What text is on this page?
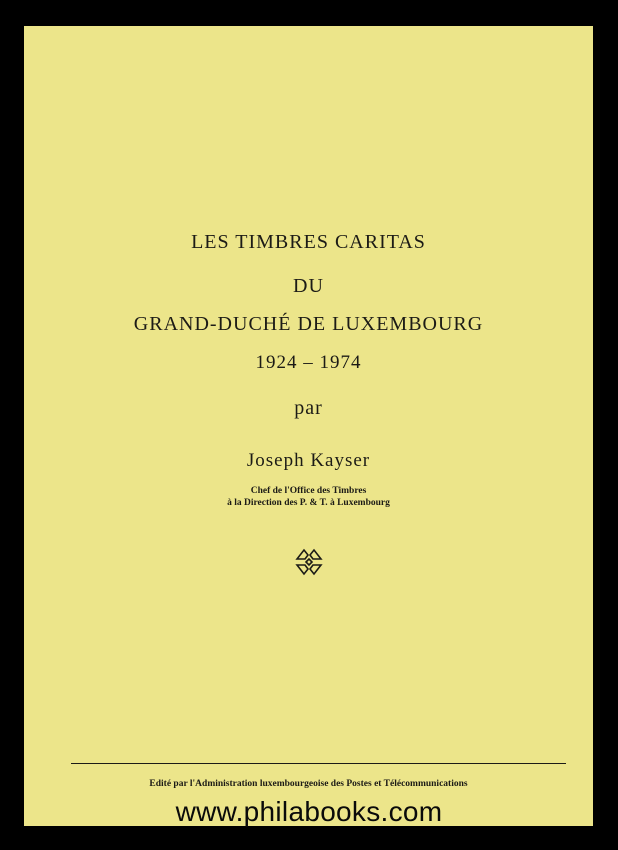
LES TIMBRES CARITAS
DU
GRAND-DUCHÉ DE LUXEMBOURG
1924 – 1974
par
Joseph Kayser
Chef de l'Office des Timbres
à la Direction des P. & T. à Luxembourg
Edité par l'Administration luxembourgeoise des Postes et Télécommunications
www.philabooks.com
